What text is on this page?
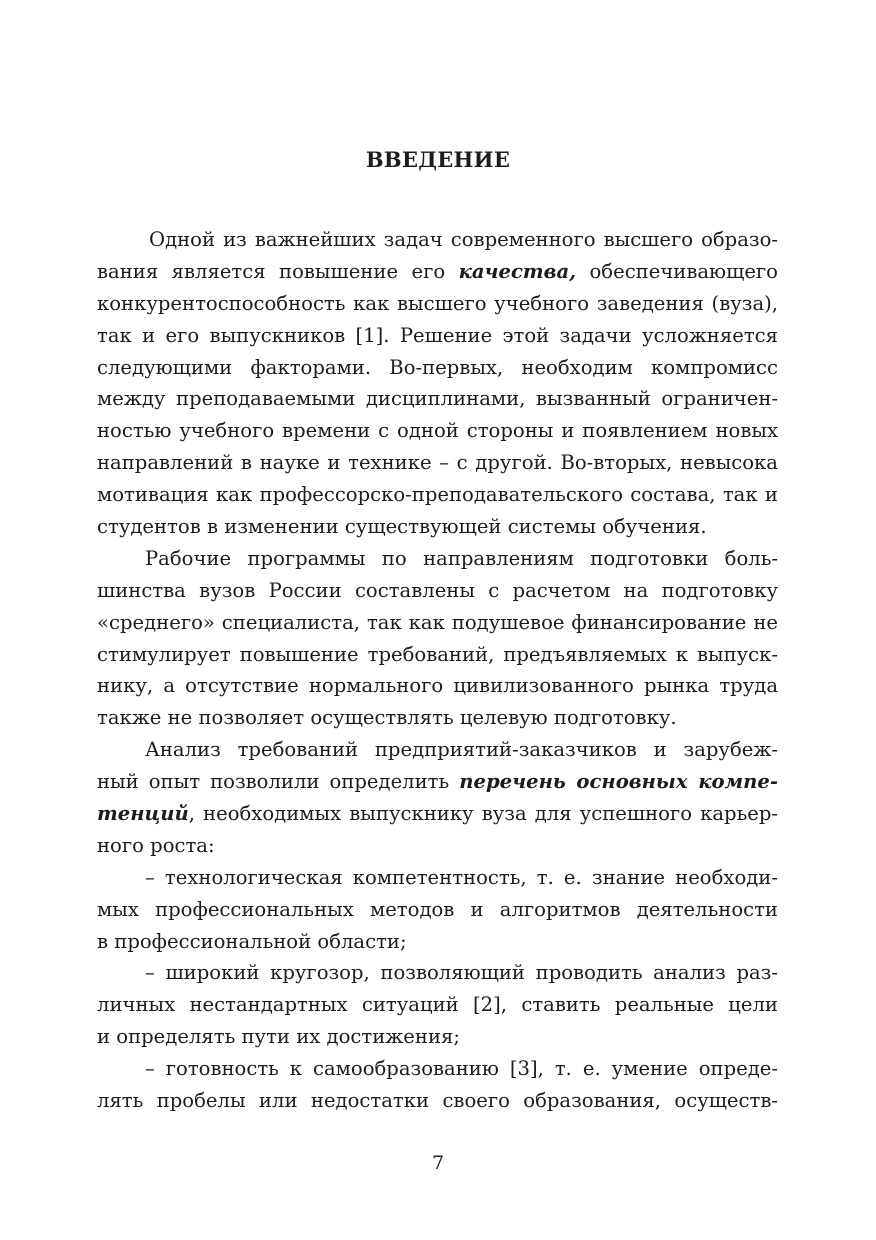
ВВЕДЕНИЕ
Одной из важнейших задач современного высшего образо-
вания является повышение его качества, обеспечивающего
конкурентоспособность как высшего учебного заведения (вуза),
так и его выпускников [1]. Решение этой задачи усложняется
следующими факторами. Во-первых, необходим компромисс
между преподаваемыми дисциплинами, вызванный ограничен-
ностью учебного времени с одной стороны и появлением новых
направлений в науке и технике – с другой. Во-вторых, невысока
мотивация как профессорско-преподавательского состава, так и
студентов в изменении существующей системы обучения.
Рабочие программы по направлениям подготовки боль-
шинства вузов России составлены с расчетом на подготовку
«среднего» специалиста, так как подушевое финансирование не
стимулирует повышение требований, предъявляемых к выпуск-
нику, а отсутствие нормального цивилизованного рынка труда
также не позволяет осуществлять целевую подготовку.
Анализ требований предприятий-заказчиков и зарубеж-
ный опыт позволили определить перечень основных компе-
тенций, необходимых выпускнику вуза для успешного карьер-
ного роста:
– технологическая компетентность, т. е. знание необходи-
мых профессиональных методов и алгоритмов деятельности
в профессиональной области;
– широкий кругозор, позволяющий проводить анализ раз-
личных нестандартных ситуаций [2], ставить реальные цели
и определять пути их достижения;
– готовность к самообразованию [3], т. е. умение опреде-
лять пробелы или недостатки своего образования, осуществ-
7
